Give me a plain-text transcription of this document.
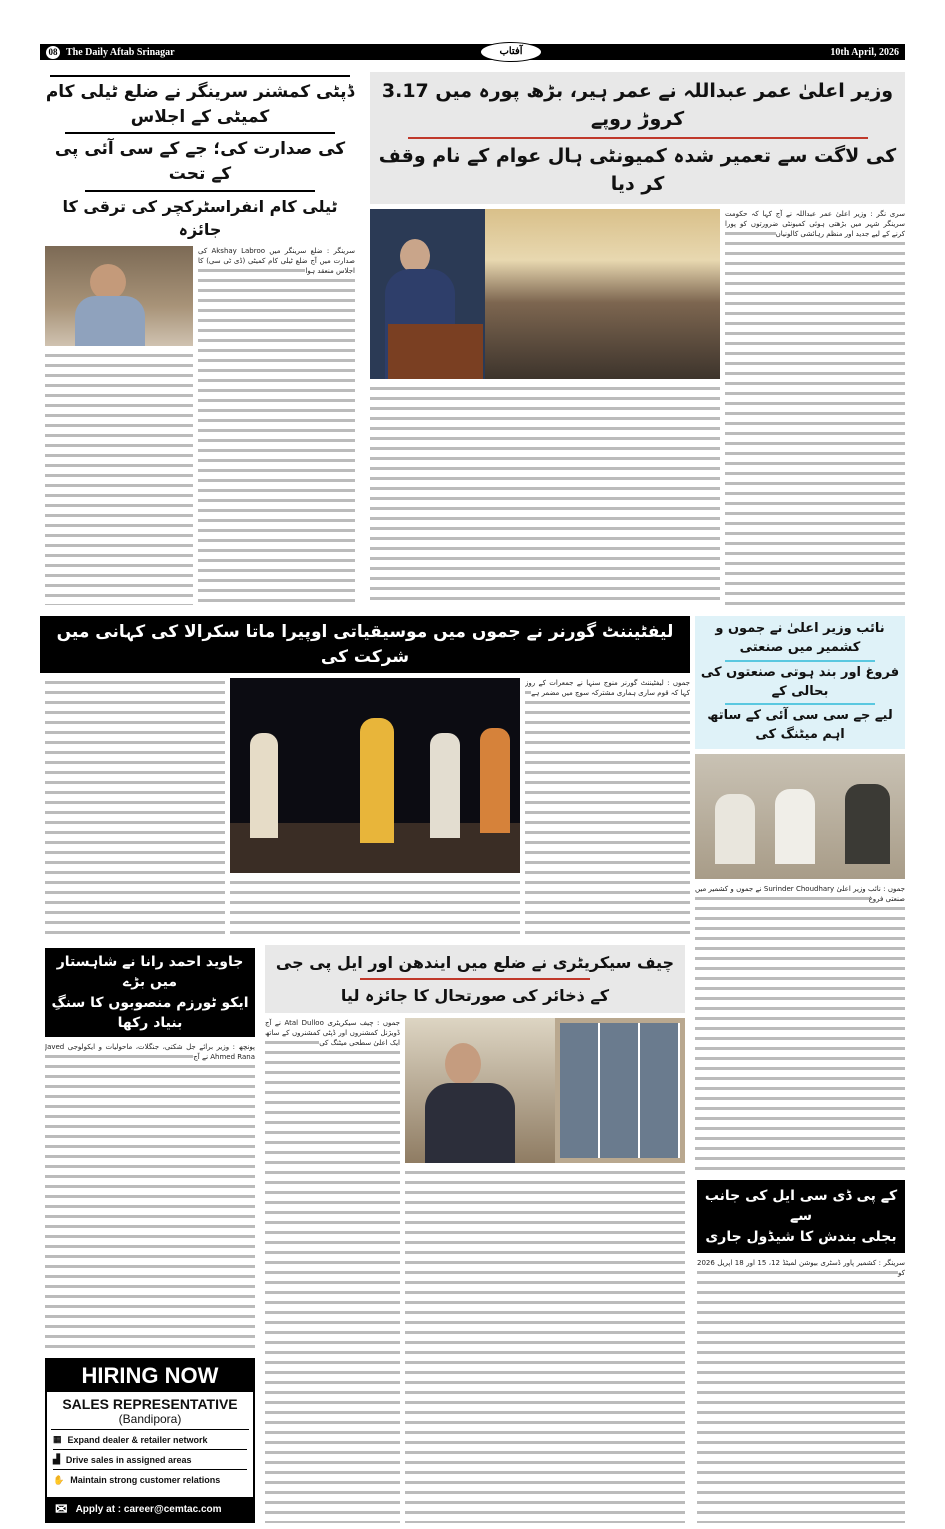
08 The Daily Aftab Srinagar	آفتاب	10th April, 2026
ڈپٹی کمشنر سرینگر نے ضلع ٹیلی کام کمیٹی کے اجلاس
کی صدارت کی؛ جے کے سی آئی پی کے تحت
ٹیلی کام انفراسٹرکچر کی ترقی کا جائزہ
سرینگر : ضلع سرینگر میں Akshay Labroo کی صدارت میں آج ضلع ٹیلی کام کمیٹی (ڈی ٹی سی) کا اجلاس منعقد ہوا
وزیر اعلیٰ عمر عبداللہ نے عمر ہیر، بڑھ پورہ میں 3.17 کروڑ روپے
کی لاگت سے تعمیر شدہ کمیونٹی ہال عوام کے نام وقف کر دیا
سری نگر : وزیر اعلیٰ عمر عبداللہ نے آج کہا کہ حکومت سرینگر شہر میں بڑھتی ہوئی کمیونٹی ضرورتوں کو پورا کرنے کے لیے جدید اور منظم رہائشی کالونیاں
لیفٹیننٹ گورنر نے جموں میں موسیقیاتی اوپیرا ماتا سکرالا کی کہانی میں شرکت کی
جموں : لیفٹیننٹ گورنر منوج سنہا نے جمعرات کے روز کہا کہ قوم ساری ہماری مشترکہ سوچ میں مضمر ہے
نائب وزیر اعلیٰ نے جموں و کشمیر میں صنعتی
فروغ اور بند ہوتی صنعتوں کی بحالی کے
لیے جے سی سی آئی کے ساتھ اہم میٹنگ کی
جموں : نائب وزیر اعلیٰ Surinder Choudhary نے جموں و کشمیر میں صنعتی فروغ
جاوید احمد رانا نے شاہستار میں بڑے
ایکو ٹورزم منصوبوں کا سنگِ بنیاد رکھا
پونچھ : وزیر برائے جل شکتی، جنگلات، ماحولیات و ایکولوجی Javed Ahmed Rana نے آج
HIRING NOW
SALES REPRESENTATIVE
(Bandipora)
▦ Expand dealer & retailer network
▟ Drive sales in assigned areas
✋ Maintain strong customer relations
✉ Apply at : career@cemtac.com
چیف سیکریٹری نے ضلع میں ایندھن اور ایل پی جی
کے ذخائر کی صورتحال کا جائزہ لیا
جموں : چیف سیکریٹری Atal Dulloo نے آج ڈویژنل کمشنروں اور ڈپٹی کمشنروں کے ساتھ ایک اعلیٰ سطحی میٹنگ کی
کے پی ڈی سی ایل کی جانب سے
بجلی بندش کا شیڈول جاری
سرینگر : کشمیر پاور ڈسٹری بیوشن لمیٹڈ 12، 15 اور 18 اپریل 2026 کو
